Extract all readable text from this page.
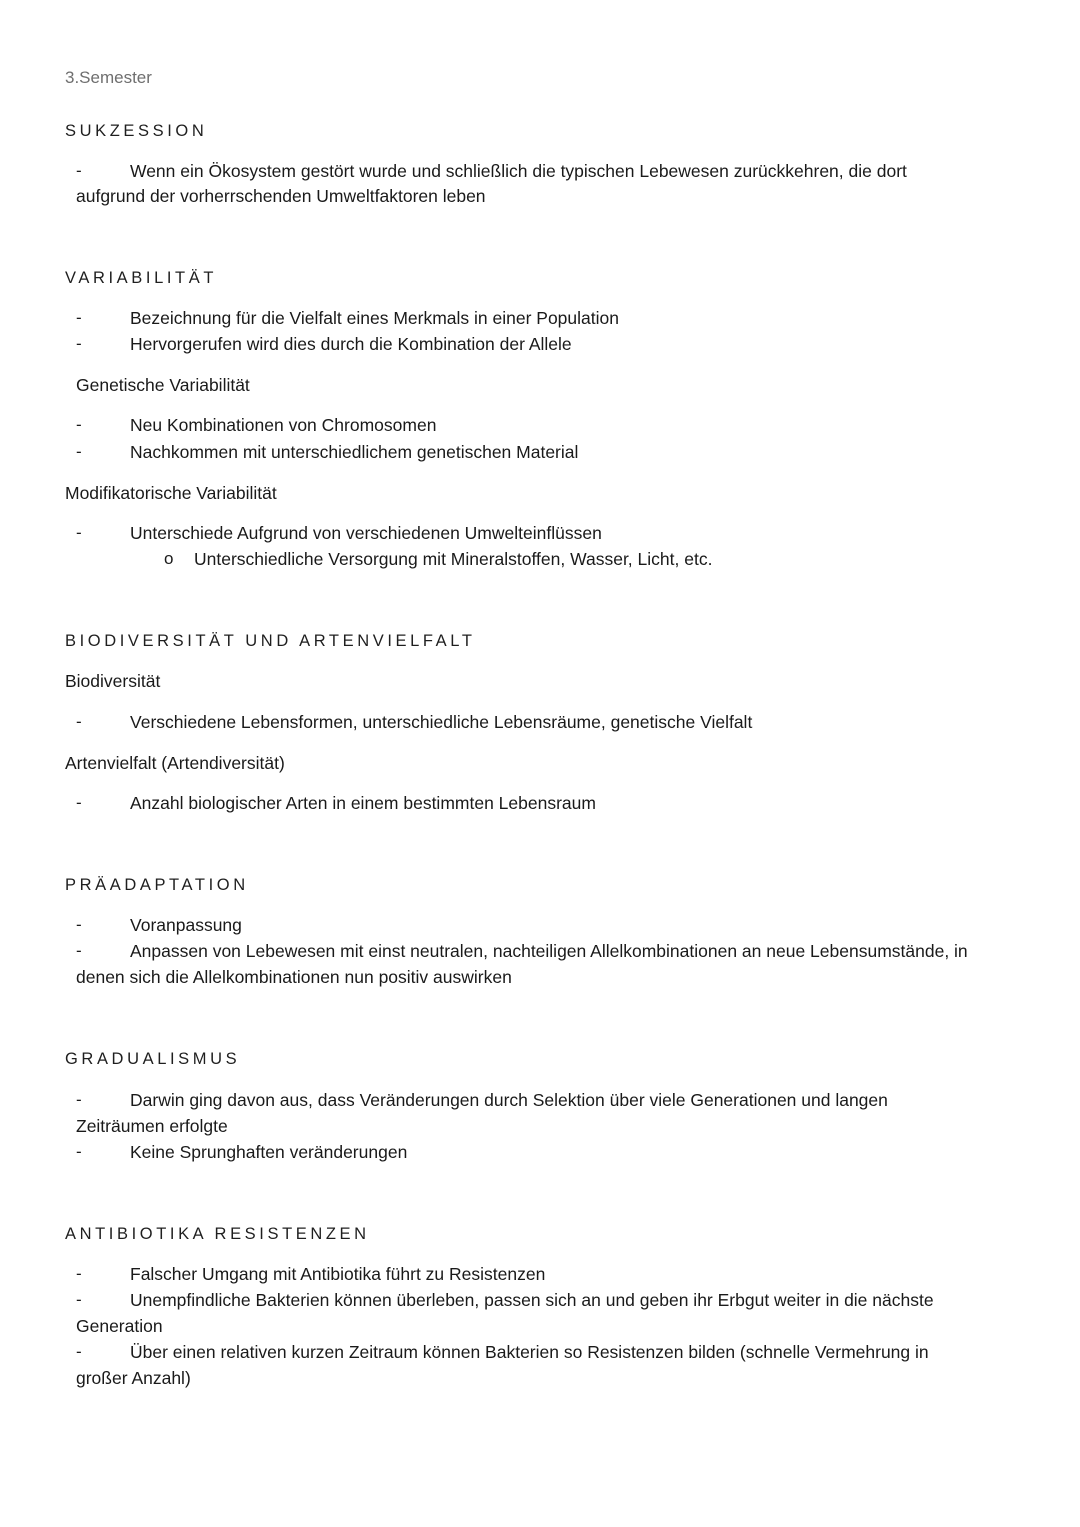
3.Semester
SUKZESSION
-	Wenn ein Ökosystem gestört wurde und schließlich die typischen Lebewesen zurückkehren, die dort
aufgrund der vorherrschenden Umweltfaktoren leben
VARIABILITÄT
-	Bezeichnung für die Vielfalt eines Merkmals in einer Population
-	Hervorgerufen wird dies durch die Kombination der Allele
Genetische Variabilität
-	Neu Kombinationen von Chromosomen
-	Nachkommen mit unterschiedlichem genetischen Material
Modifikatorische Variabilität
-	Unterschiede Aufgrund von verschiedenen Umwelteinflüssen
o Unterschiedliche Versorgung mit Mineralstoffen, Wasser, Licht, etc.
BIODIVERSITÄT UND ARTENVIELFALT
Biodiversität
-	Verschiedene Lebensformen, unterschiedliche Lebensräume, genetische Vielfalt
Artenvielfalt (Artendiversität)
-	Anzahl biologischer Arten in einem bestimmten Lebensraum
PRÄADAPTATION
-	Voranpassung
-	Anpassen von Lebewesen mit einst neutralen, nachteiligen Allelkombinationen an neue Lebensumstände, in
denen sich die Allelkombinationen nun positiv auswirken
GRADUALISMUS
-	Darwin ging davon aus, dass Veränderungen durch Selektion über viele Generationen und langen
Zeiträumen erfolgte
-	Keine Sprunghaften veränderungen
ANTIBIOTIKA RESISTENZEN
-	Falscher Umgang mit Antibiotika führt zu Resistenzen
-	Unempfindliche Bakterien können überleben, passen sich an und geben ihr Erbgut weiter in die nächste
Generation
-	Über einen relativen kurzen Zeitraum können Bakterien so Resistenzen bilden (schnelle Vermehrung in
großer Anzahl)
